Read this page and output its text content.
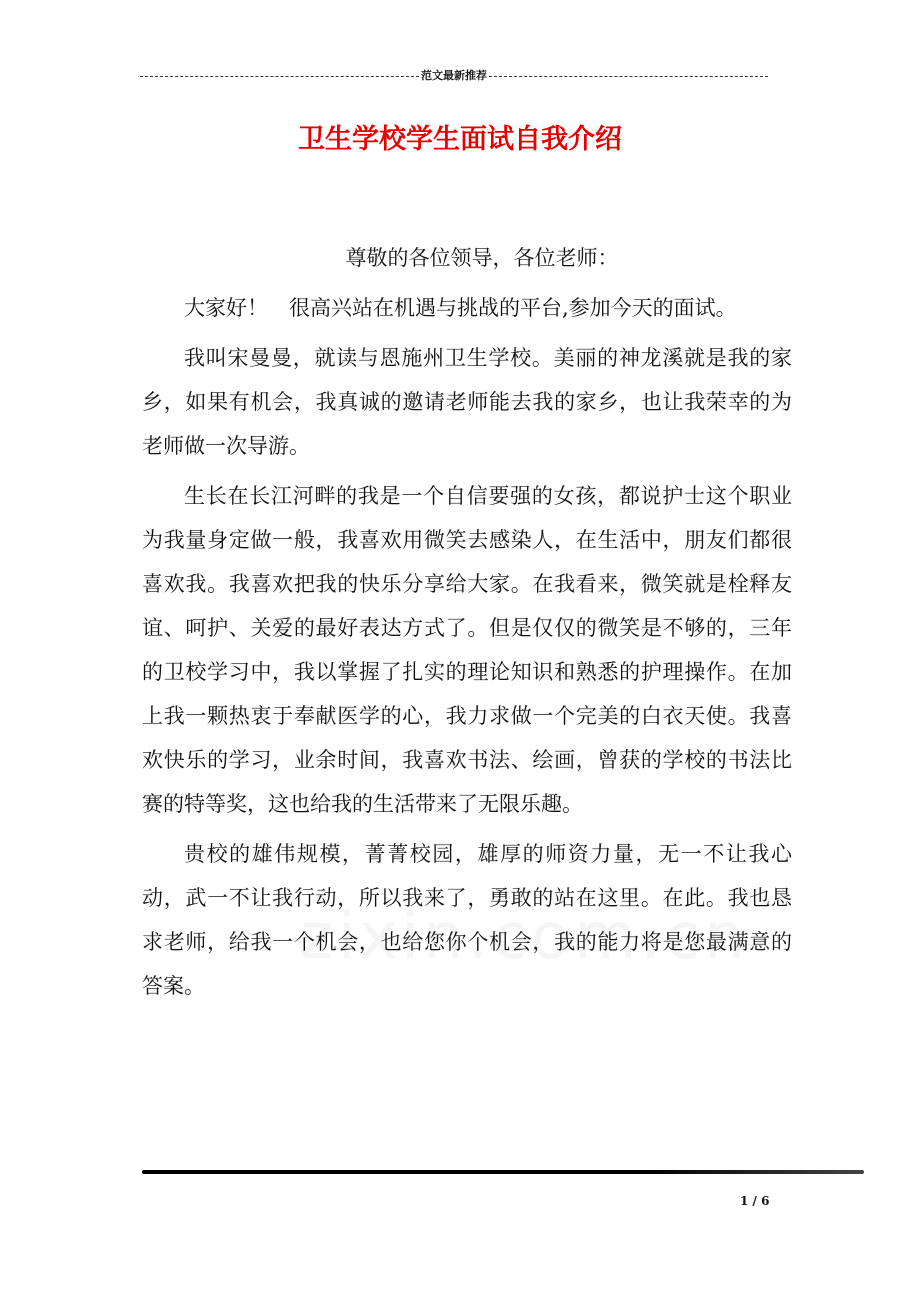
范文最新推荐
卫生学校学生面试自我介绍

尊敬的各位领导，各位老师：

大家好！　很高兴站在机遇与挑战的平台,参加今天的面试。

我叫宋曼曼，就读与恩施州卫生学校。美丽的神龙溪就是我的家乡，如果有机会，我真诚的邀请老师能去我的家乡，也让我荣幸的为老师做一次导游。

生长在长江河畔的我是一个自信要强的女孩，都说护士这个职业为我量身定做一般，我喜欢用微笑去感染人，在生活中，朋友们都很喜欢我。我喜欢把我的快乐分享给大家。在我看来，微笑就是栓释友谊、呵护、关爱的最好表达方式了。但是仅仅的微笑是不够的，三年的卫校学习中，我以掌握了扎实的理论知识和熟悉的护理操作。在加上我一颗热衷于奉献医学的心，我力求做一个完美的白衣天使。我喜欢快乐的学习，业余时间，我喜欢书法、绘画，曾获的学校的书法比赛的特等奖，这也给我的生活带来了无限乐趣。

贵校的雄伟规模，菁菁校园，雄厚的师资力量，无一不让我心动，武一不让我行动，所以我来了，勇敢的站在这里。在此。我也恳求老师，给我一个机会，也给您你个机会，我的能力将是您最满意的答案。

1 / 6
